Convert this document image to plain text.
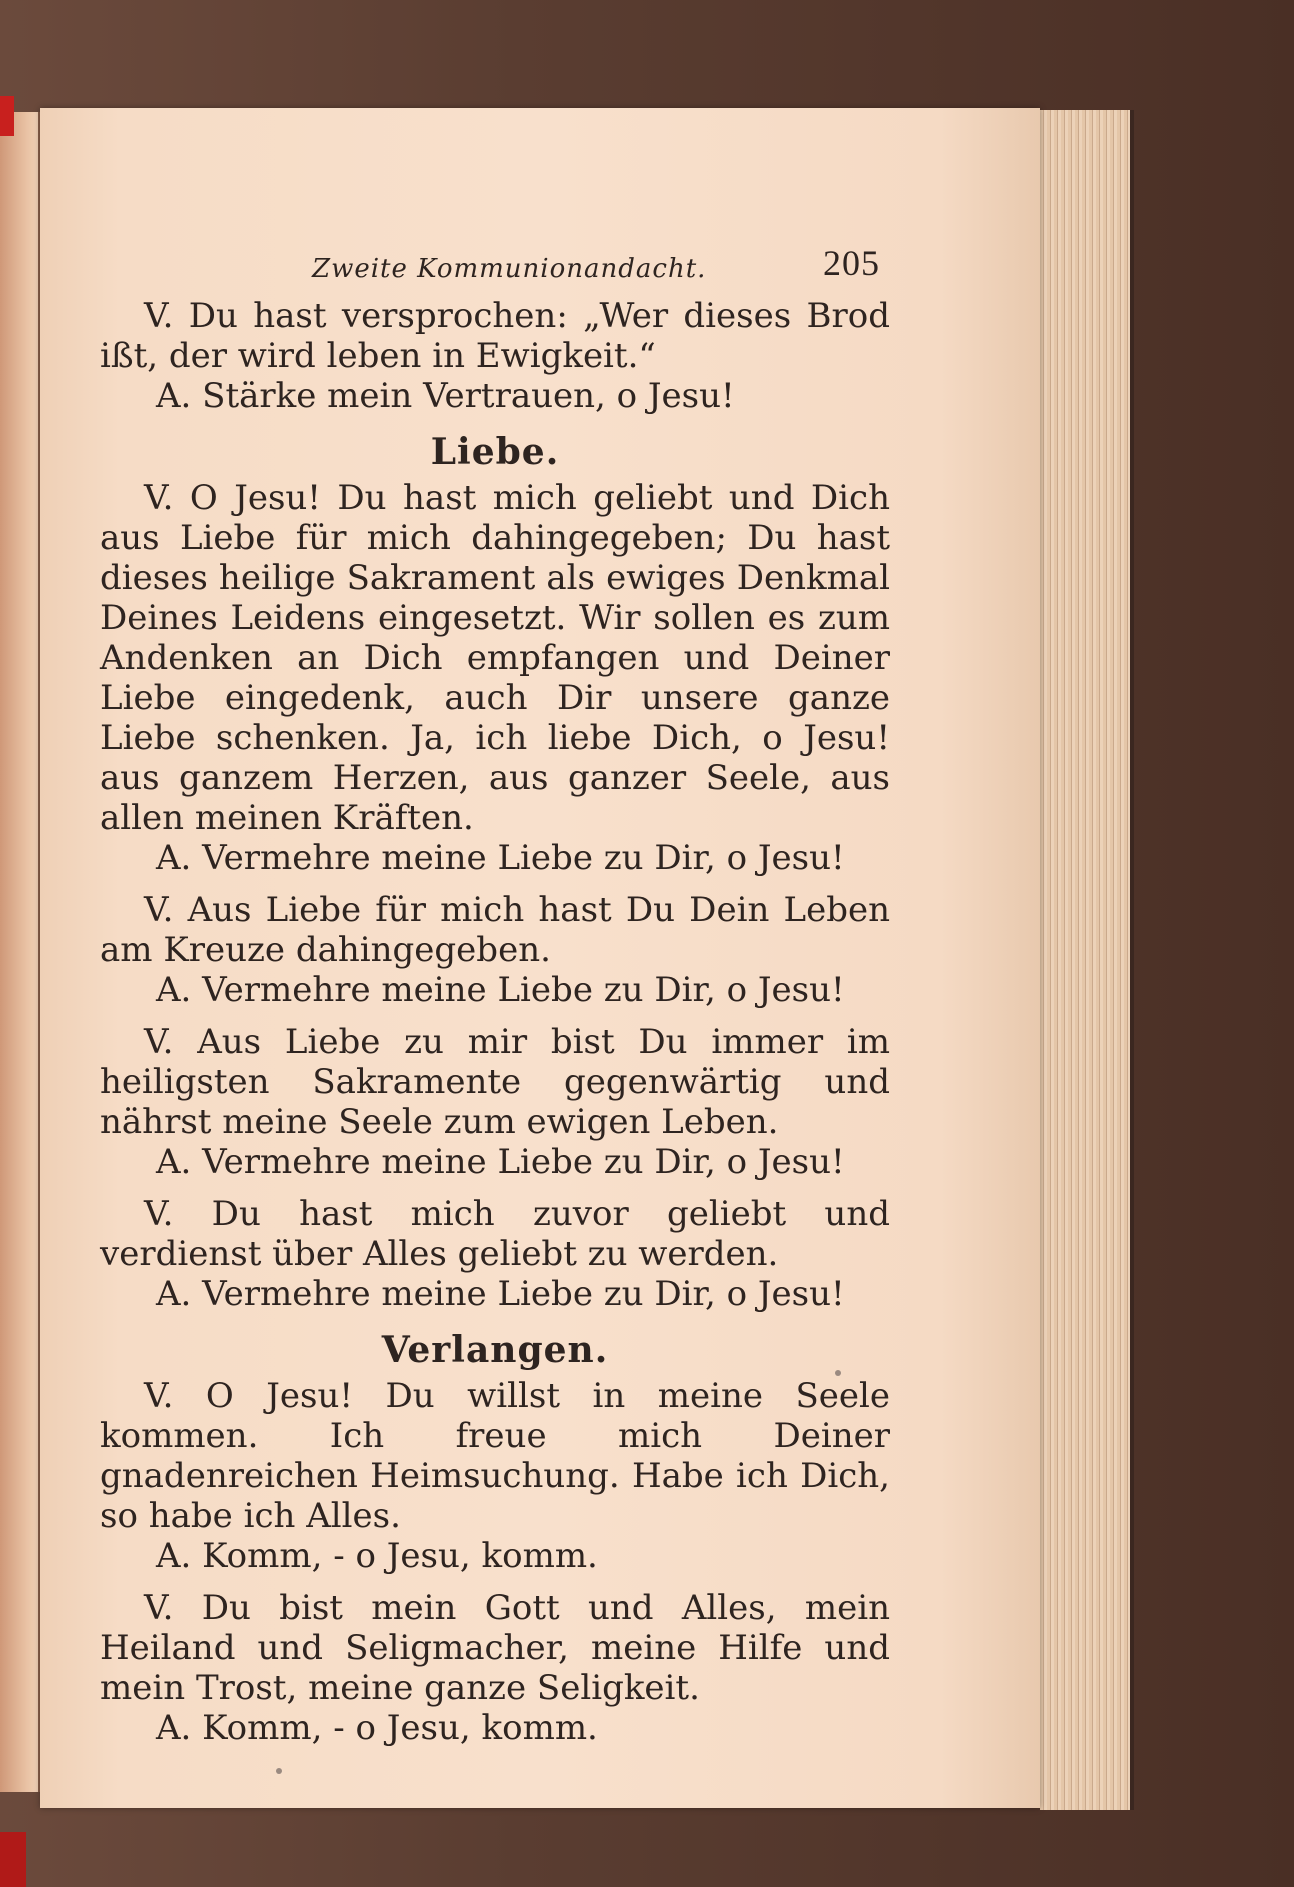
Zweite Kommunionandacht.	205

V. Du hast versprochen: „Wer dieses Brod ißt, der wird leben in Ewigkeit.“

A. Stärke mein Vertrauen, o Jesu!

Liebe.

V. O Jesu! Du hast mich geliebt und Dich aus Liebe für mich dahingegeben; Du hast dieses heilige Sakrament als ewiges Denkmal Deines Leidens eingesetzt. Wir sollen es zum Andenken an Dich empfangen und Deiner Liebe eingedenk, auch Dir unsere ganze Liebe schenken. Ja, ich liebe Dich, o Jesu! aus ganzem Herzen, aus ganzer Seele, aus allen meinen Kräften.

A. Vermehre meine Liebe zu Dir, o Jesu!

V. Aus Liebe für mich hast Du Dein Leben am Kreuze dahingegeben.

A. Vermehre meine Liebe zu Dir, o Jesu!

V. Aus Liebe zu mir bist Du immer im heiligsten Sakramente gegenwärtig und nährst meine Seele zum ewigen Leben.

A. Vermehre meine Liebe zu Dir, o Jesu!

V. Du hast mich zuvor geliebt und verdienst über Alles geliebt zu werden.

A. Vermehre meine Liebe zu Dir, o Jesu!

Verlangen.

V. O Jesu! Du willst in meine Seele kommen. Ich freue mich Deiner gnadenreichen Heimsuchung. Habe ich Dich, so habe ich Alles.

A. Komm, - o Jesu, komm.

V. Du bist mein Gott und Alles, mein Heiland und Seligmacher, meine Hilfe und mein Trost, meine ganze Seligkeit.

A. Komm, - o Jesu, komm.
